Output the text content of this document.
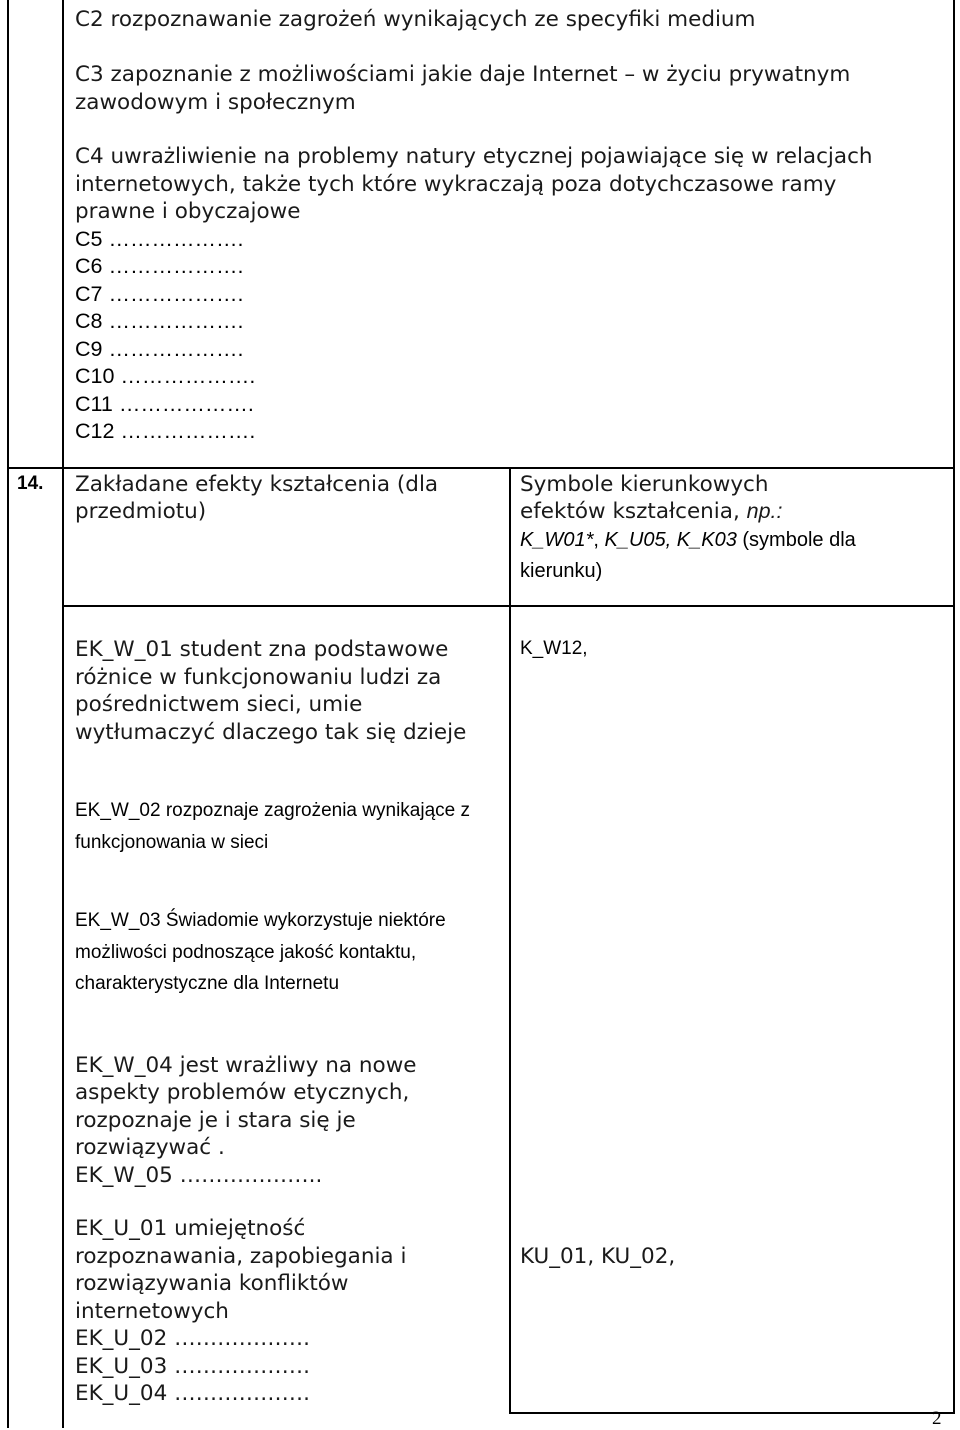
C2 rozpoznawanie zagrożeń wynikających ze specyfiki medium
C3 zapoznanie z możliwościami jakie daje Internet – w życiu prywatnym
zawodowym i społecznym
C4 uwrażliwienie na problemy natury etycznej pojawiające się w relacjach
internetowych, także tych które wykraczają poza dotychczasowe ramy
prawne i obyczajowe
C5 ……………….
C6 ……………….
C7 ……………….
C8 ……………….
C9 ……………….
C10 ……………….
C11 ……………….
C12 ……………….
14. Zakładane efekty kształcenia (dla
przedmiotu)
Symbole kierunkowych
efektów kształcenia, np.:
K_W01*, K_U05, K_K03 (symbole dla
kierunku)
EK_W_01 student zna podstawowe
różnice w funkcjonowaniu ludzi za
pośrednictwem sieci, umie
wytłumaczyć dlaczego tak się dzieje
K_W12,
EK_W_02 rozpoznaje zagrożenia wynikające z
funkcjonowania w sieci
EK_W_03 Świadomie wykorzystuje niektóre
możliwości podnoszące jakość kontaktu,
charakterystyczne dla Internetu
EK_W_04 jest wrażliwy na nowe
aspekty problemów etycznych,
rozpoznaje je i stara się je
rozwiązywać .
EK_W_05 ………………..
EK_U_01 umiejętność
rozpoznawania, zapobiegania i
rozwiązywania konfliktów
internetowych
EK_U_02 ……………….
EK_U_03 ……………….
EK_U_04 ……………….
KU_01, KU_02,
2
